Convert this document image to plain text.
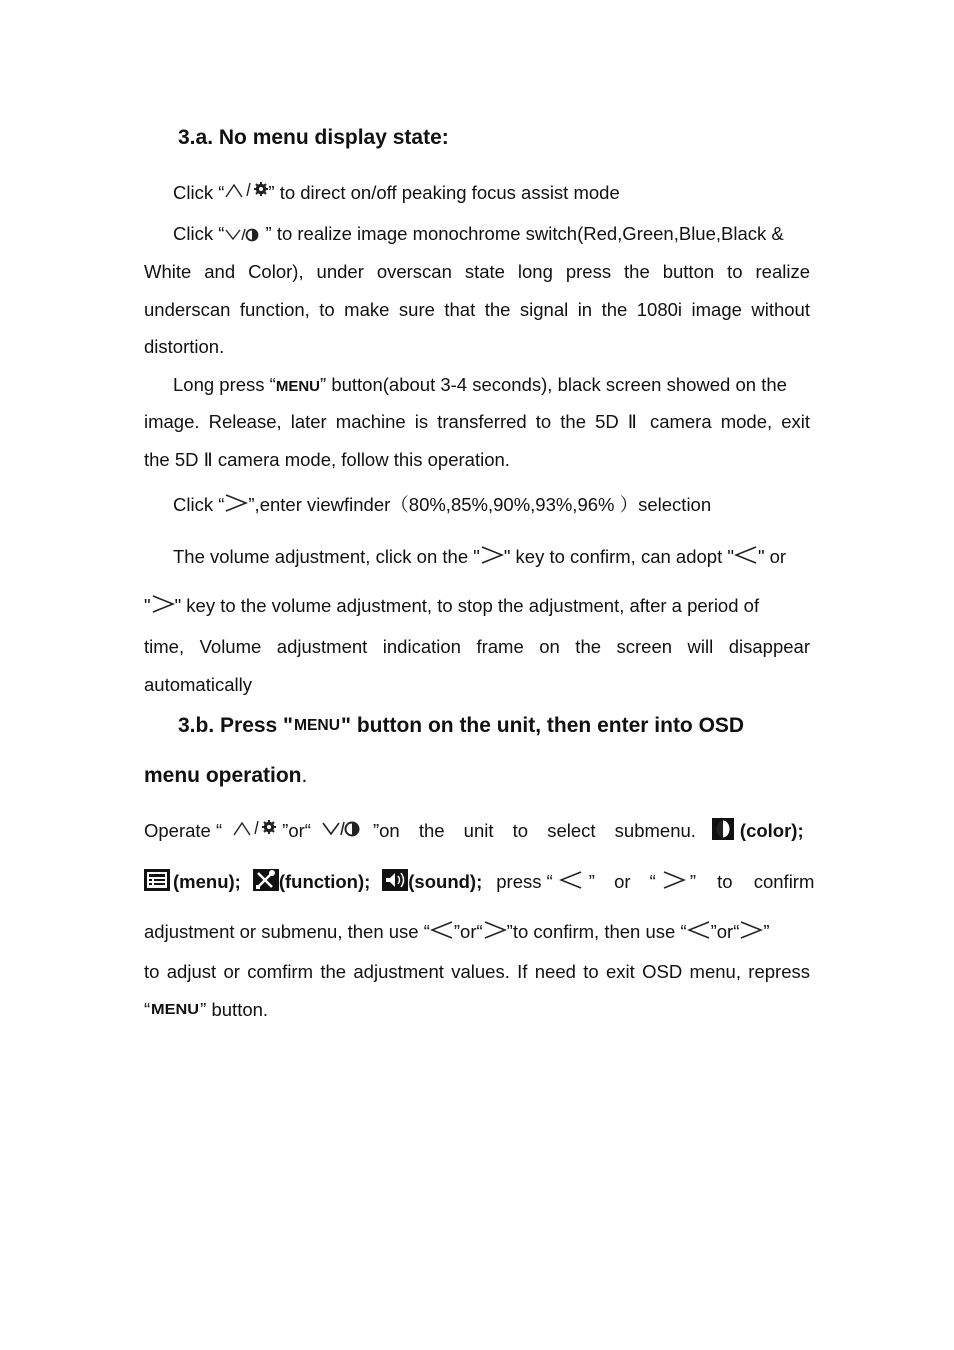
3.a. No menu display state:
Click “ ” to direct on/off peaking focus assist mode
Click “
” to realize image monochrome switch(Red,Green,Blue,Black &
White and Color), under overscan state long press the button to realize
underscan function, to make sure that the signal in the 1080i image without
distortion.
Long press “MENU” button(about 3-4 seconds), black screen showed on the
image. Release, later machine is transferred to the 5D Ⅱ camera mode, exit
the 5D Ⅱ camera mode, follow this operation.
Click “ ”,enter viewfinder（80%,85%,90%,93%,96% ）selection
The volume adjustment, click on the " " key to confirm, can adopt " " or
" " key to the volume adjustment, to stop the adjustment, after a period of
time, Volume adjustment indication frame on the screen will disappear
automatically
3.b. Press " MENU " button on the unit, then enter into OSD
menu operation.
Operate “	”or“	”on the unit to select submenu. (color);
(menu); (function); (sound); press “ ” or “ ” to confirm
adjustment or submenu, then use “ ”or“ ”to confirm, then use “ ”or“ ”
to adjust or comfirm the adjustment values. If need to exit OSD menu, repress
“ MENU ” button.
